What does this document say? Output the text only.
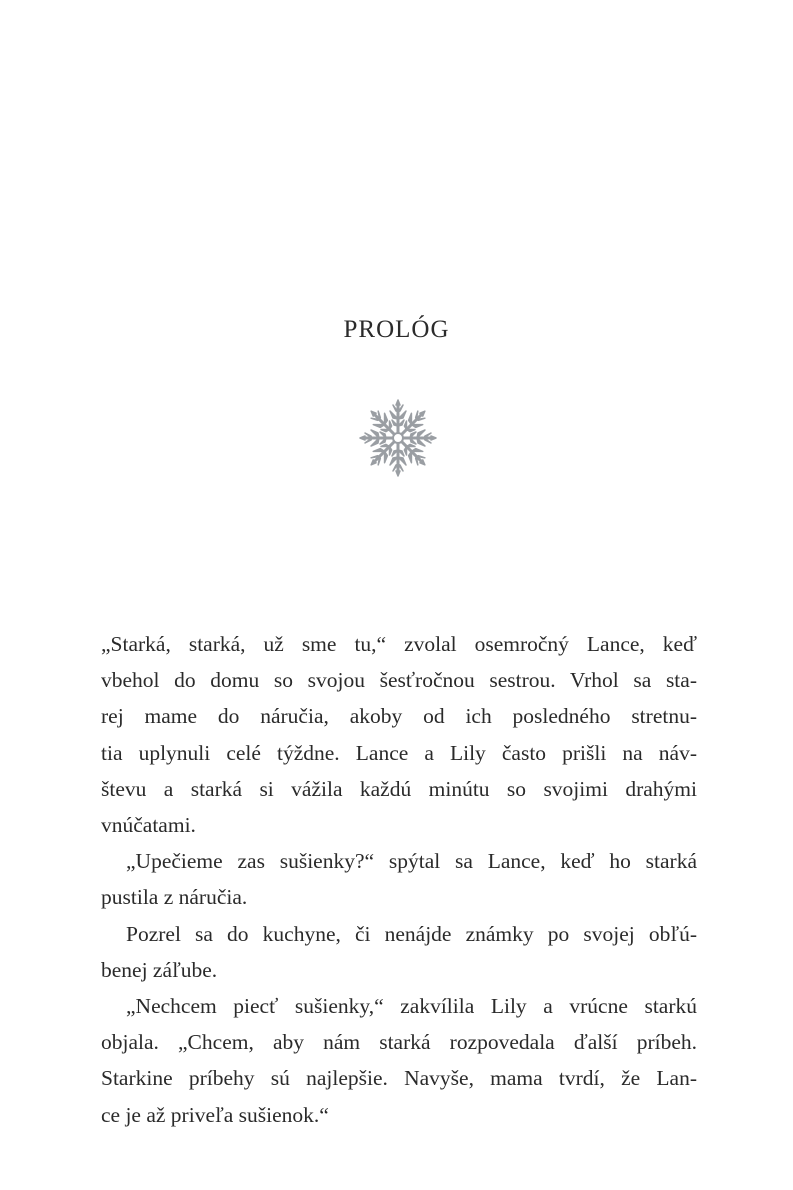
PROLÓG
„Starká, starká, už sme tu,“ zvolal osemročný Lance, keď
vbehol do domu so svojou šesťročnou sestrou. Vrhol sa sta-
rej mame do náručia, akoby od ich posledného stretnu-
tia uplynuli celé týždne. Lance a Lily často prišli na náv-
števu a starká si vážila každú minútu so svojimi drahými
vnúčatami.
„Upečieme zas sušienky?“ spýtal sa Lance, keď ho starká
pustila z náručia.
Pozrel sa do kuchyne, či nenájde známky po svojej obľú-
benej záľube.
„Nechcem piecť sušienky,“ zakvílila Lily a vrúcne starkú
objala. „Chcem, aby nám starká rozpovedala ďalší príbeh.
Starkine príbehy sú najlepšie. Navyše, mama tvrdí, že Lan-
ce je až priveľa sušienok.“
